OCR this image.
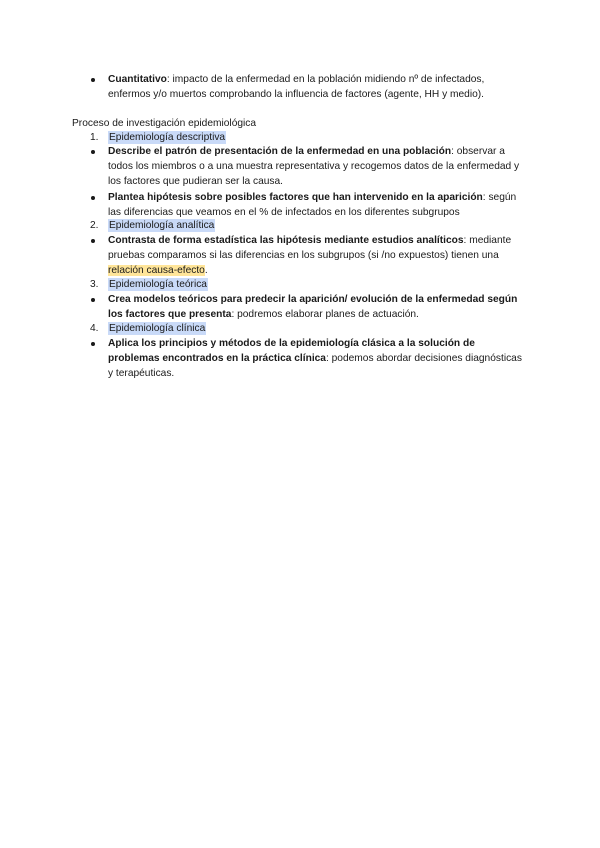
Cuantitativo: impacto de la enfermedad en la población midiendo nº de infectados, enfermos y/o muertos comprobando la influencia de factores (agente, HH y medio).
Proceso de investigación epidemiológica
1.	Epidemiología descriptiva
Describe el patrón de presentación de la enfermedad en una población: observar a todos los miembros o a una muestra representativa y recogemos datos de la enfermedad y los factores que pudieran ser la causa.
Plantea hipótesis sobre posibles factores que han intervenido en la aparición: según las diferencias que veamos en el % de infectados en los diferentes subgrupos
2.	Epidemiología analítica
Contrasta de forma estadística las hipótesis mediante estudios analíticos: mediante pruebas comparamos si las diferencias en los subgrupos (si /no expuestos) tienen una relación causa-efecto.
3.	Epidemiología teórica
Crea modelos teóricos para predecir la aparición/ evolución de la enfermedad según los factores que presenta: podremos elaborar planes de actuación.
4.	Epidemiología clínica
Aplica los principios y métodos de la epidemiología clásica a la solución de problemas encontrados en la práctica clínica: podemos abordar decisiones diagnósticas y terapéuticas.
